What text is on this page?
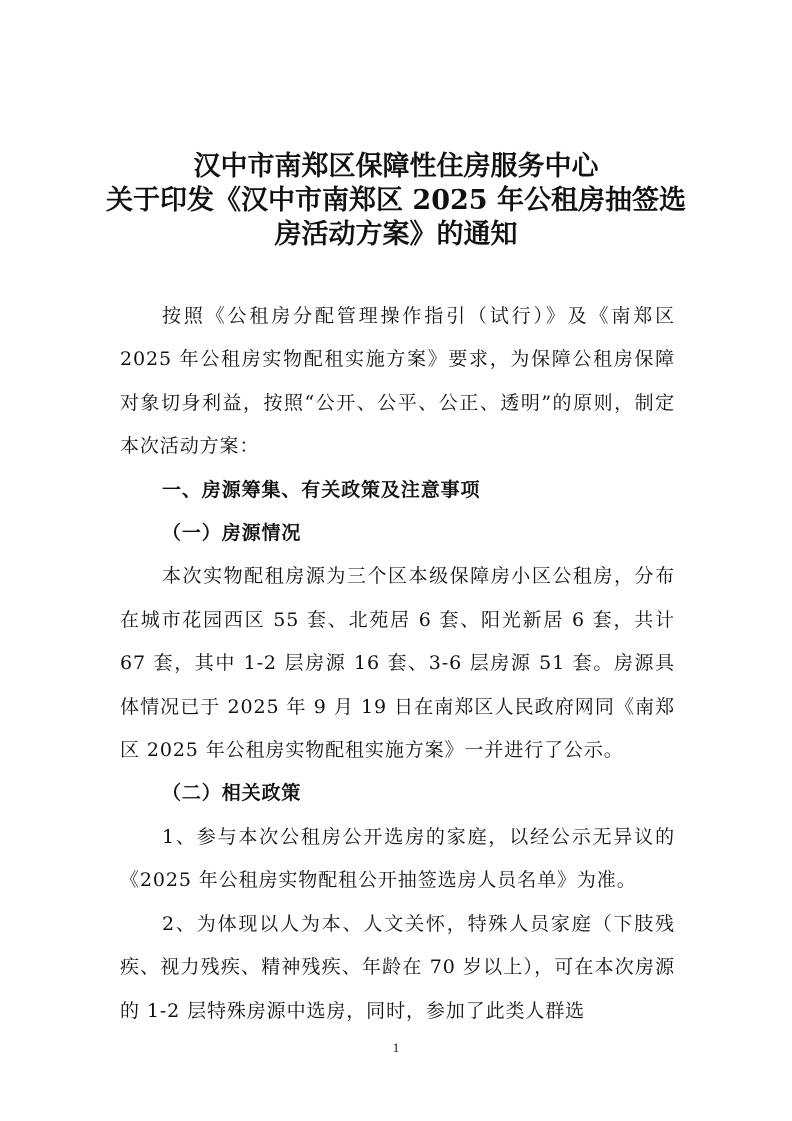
汉中市南郑区保障性住房服务中心
关于印发《汉中市南郑区 2025 年公租房抽签选
房活动方案》的通知

按照《公租房分配管理操作指引（试行）》及《南郑区 2025 年公租房实物配租实施方案》要求，为保障公租房保障对象切身利益，按照“公开、公平、公正、透明”的原则，制定本次活动方案：

一、房源筹集、有关政策及注意事项

（一）房源情况

本次实物配租房源为三个区本级保障房小区公租房，分布在城市花园西区 55 套、北苑居 6 套、阳光新居 6 套，共计 67 套，其中 1-2 层房源 16 套、3-6 层房源 51 套。房源具体情况已于 2025 年 9 月 19 日在南郑区人民政府网同《南郑区 2025 年公租房实物配租实施方案》一并进行了公示。

（二）相关政策

1、参与本次公租房公开选房的家庭，以经公示无异议的《2025 年公租房实物配租公开抽签选房人员名单》为准。

2、为体现以人为本、人文关怀，特殊人员家庭（下肢残疾、视力残疾、精神残疾、年龄在 70 岁以上），可在本次房源的 1-2 层特殊房源中选房，同时，参加了此类人群选

1
